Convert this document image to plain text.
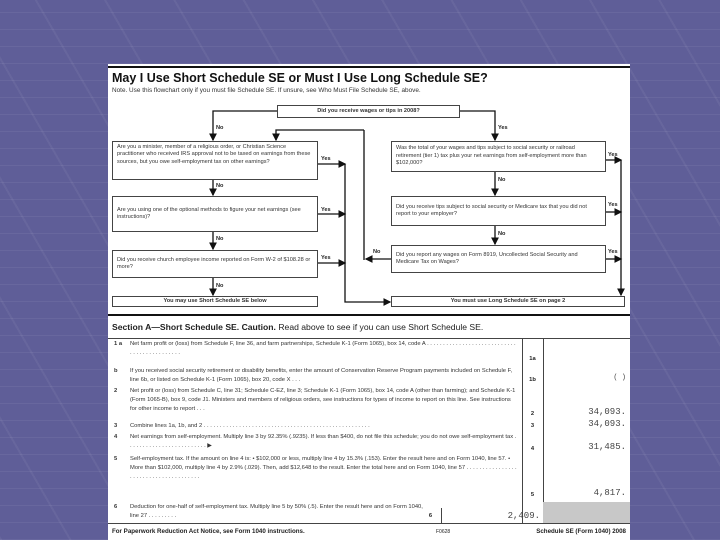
May I Use Short Schedule SE or Must I Use Long Schedule SE?
Note. Use this flowchart only if you must file Schedule SE. If unsure, see Who Must File Schedule SE, above.
Did you receive wages or tips in 2008?
Are you a minister, member of a religious order, or Christian Science practitioner who received IRS approval not to be taxed on earnings from these sources, but you owe self-employment tax on other earnings?
Are you using one of the optional methods to figure your net earnings (see instructions)?
Did you receive church employee income reported on Form W-2 of $108.28 or more?
You may use Short Schedule SE below
Was the total of your wages and tips subject to social security or railroad retirement (tier 1) tax plus your net earnings from self-employment more than $102,000?
Did you receive tips subject to social security or Medicare tax that you did not report to your employer?
Did you report any wages on Form 8919, Uncollected Social Security and Medicare Tax on Wages?
You must use Long Schedule SE on page 2
No	Yes
Yes
No
Yes
No
Yes
No
Yes
No
Yes
No
No	Yes
Section A—Short Schedule SE. Caution. Read above to see if you can use Short Schedule SE.
1 a	Net farm profit or (loss) from Schedule F, line 36, and farm partnerships, Schedule K-1 (Form 1065), box 14, code A . . . . . . . . . . . . . . . . . . . . . . . . . . . . . . . . . . . . . . . . . . . .
1a
b	If you received social security retirement or disability benefits, enter the amount of Conservation Reserve Program payments included on Schedule F, line 6b, or listed on Schedule K-1 (Form 1065), box 20, code X . . .	1b	( )
2	Net profit or (loss) from Schedule C, line 31; Schedule C-EZ, line 3; Schedule K-1 (Form 1065), box 14, code A (other than farming); and Schedule K-1 (Form 1065-B), box 9, code J1. Ministers and members of religious orders, see instructions for types of income to report on this line. See instructions for other income to report . . .
2	34,093.
3	Combine lines 1a, 1b, and 2 . . . . . . . . . . . . . . . . . . . . . . . . . . . . . . . . . . . . . . . . . . . . . . . . . . . .	3	34,093.
4	Net earnings from self-employment. Multiply line 3 by 92.35% (.9235). If less than $400, do not file this schedule; you do not owe self-employment tax . . . . . . . . . . . . . . . . . . . . . . . . . ▶	4	31,485.
5	Self-employment tax. If the amount on line 4 is: • $102,000 or less, multiply line 4 by 15.3% (.153). Enter the result here and on Form 1040, line 57. • More than $102,000, multiply line 4 by 2.9% (.029). Then, add $12,648 to the result. Enter the total here and on Form 1040, line 57 . . . . . . . . . . . . . . . . . . . . . . . . . . . . . . . . . . . . . .
5	4,817.
6	Deduction for one-half of self-employment tax. Multiply line 5 by 50% (.5). Enter the result here and on Form 1040, line 27 . . . . . . . . .	6	2,409.
For Paperwork Reduction Act Notice, see Form 1040 instructions.	F0628	Schedule SE (Form 1040) 2008
